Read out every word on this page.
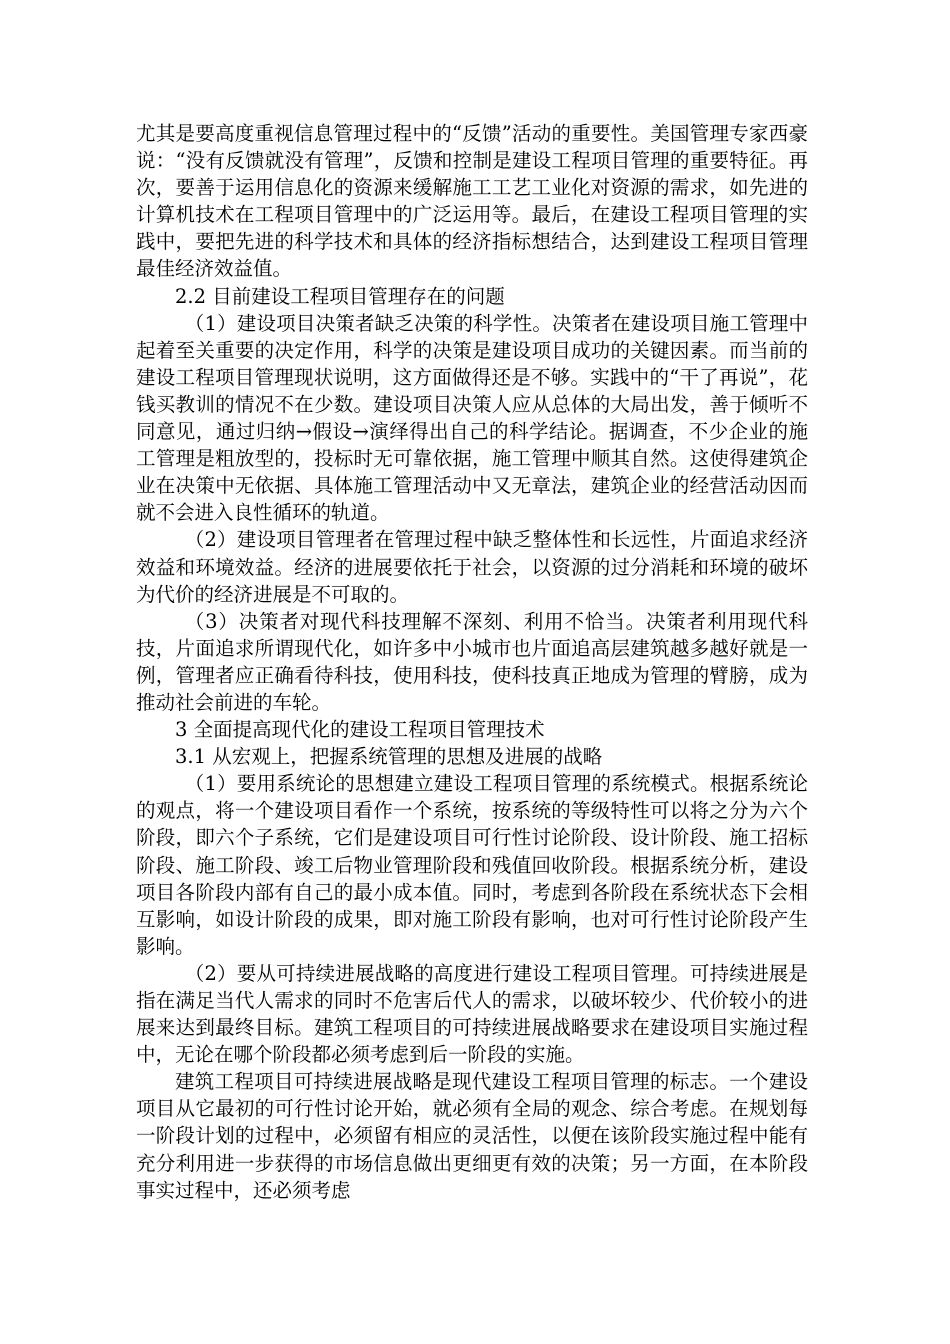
尤其是要高度重视信息管理过程中的“反馈”活动的重要性。美国管理专家西豪说：“没有反馈就没有管理”，反馈和控制是建设工程项目管理的重要特征。再次，要善于运用信息化的资源来缓解施工工艺工业化对资源的需求，如先进的计算机技术在工程项目管理中的广泛运用等。最后，在建设工程项目管理的实践中，要把先进的科学技术和具体的经济指标想结合，达到建设工程项目管理最佳经济效益值。

2.2 目前建设工程项目管理存在的问题

（1）建设项目决策者缺乏决策的科学性。决策者在建设项目施工管理中起着至关重要的决定作用，科学的决策是建设项目成功的关键因素。而当前的建设工程项目管理现状说明，这方面做得还是不够。实践中的“干了再说”，花钱买教训的情况不在少数。建设项目决策人应从总体的大局出发，善于倾听不同意见，通过归纳→假设→演绎得出自己的科学结论。据调查，不少企业的施工管理是粗放型的，投标时无可靠依据，施工管理中顺其自然。这使得建筑企业在决策中无依据、具体施工管理活动中又无章法，建筑企业的经营活动因而就不会进入良性循环的轨道。

（2）建设项目管理者在管理过程中缺乏整体性和长远性，片面追求经济效益和环境效益。经济的进展要依托于社会，以资源的过分消耗和环境的破坏为代价的经济进展是不可取的。

（3）决策者对现代科技理解不深刻、利用不恰当。决策者利用现代科技，片面追求所谓现代化，如许多中小城市也片面追高层建筑越多越好就是一例，管理者应正确看待科技，使用科技，使科技真正地成为管理的臂膀，成为推动社会前进的车轮。

3 全面提高现代化的建设工程项目管理技术

3.1 从宏观上，把握系统管理的思想及进展的战略

（1）要用系统论的思想建立建设工程项目管理的系统模式。根据系统论的观点，将一个建设项目看作一个系统，按系统的等级特性可以将之分为六个阶段，即六个子系统，它们是建设项目可行性讨论阶段、设计阶段、施工招标阶段、施工阶段、竣工后物业管理阶段和残值回收阶段。根据系统分析，建设项目各阶段内部有自己的最小成本值。同时，考虑到各阶段在系统状态下会相互影响，如设计阶段的成果，即对施工阶段有影响，也对可行性讨论阶段产生影响。

（2）要从可持续进展战略的高度进行建设工程项目管理。可持续进展是指在满足当代人需求的同时不危害后代人的需求，以破坏较少、代价较小的进展来达到最终目标。建筑工程项目的可持续进展战略要求在建设项目实施过程中，无论在哪个阶段都必须考虑到后一阶段的实施。

建筑工程项目可持续进展战略是现代建设工程项目管理的标志。一个建设项目从它最初的可行性讨论开始，就必须有全局的观念、综合考虑。在规划每一阶段计划的过程中，必须留有相应的灵活性，以便在该阶段实施过程中能有充分利用进一步获得的市场信息做出更细更有效的决策；另一方面，在本阶段事实过程中，还必须考虑
